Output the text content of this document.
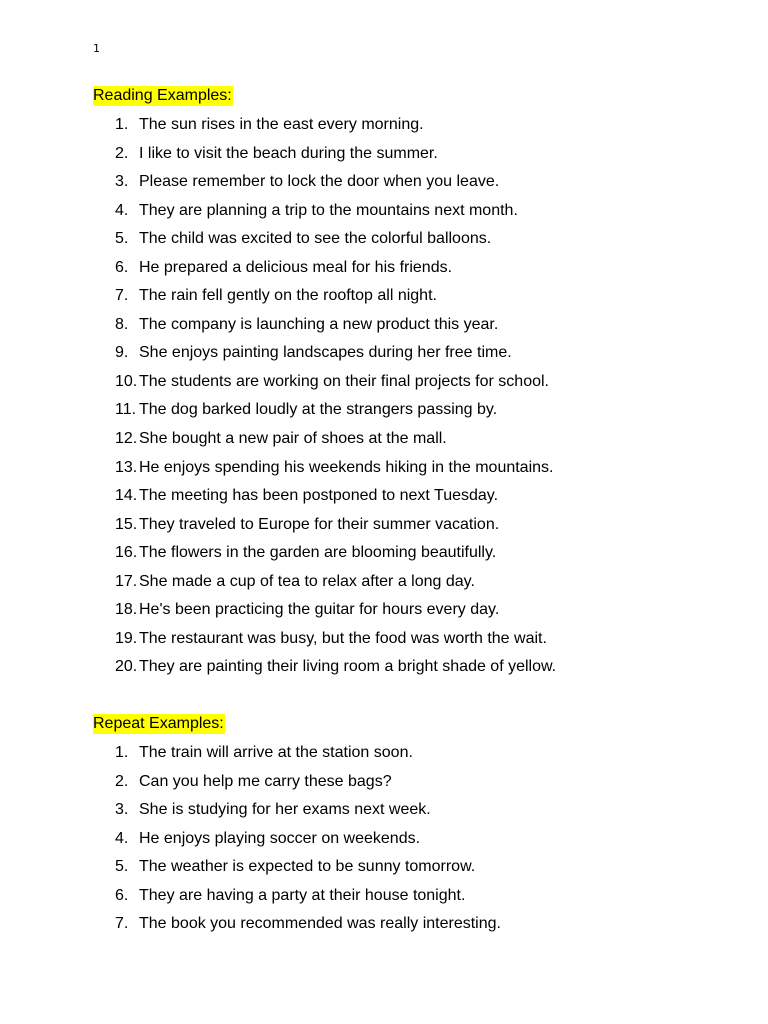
1
Reading Examples:
1. The sun rises in the east every morning.
2. I like to visit the beach during the summer.
3. Please remember to lock the door when you leave.
4. They are planning a trip to the mountains next month.
5. The child was excited to see the colorful balloons.
6. He prepared a delicious meal for his friends.
7. The rain fell gently on the rooftop all night.
8. The company is launching a new product this year.
9. She enjoys painting landscapes during her free time.
10. The students are working on their final projects for school.
11. The dog barked loudly at the strangers passing by.
12. She bought a new pair of shoes at the mall.
13. He enjoys spending his weekends hiking in the mountains.
14. The meeting has been postponed to next Tuesday.
15. They traveled to Europe for their summer vacation.
16. The flowers in the garden are blooming beautifully.
17. She made a cup of tea to relax after a long day.
18. He's been practicing the guitar for hours every day.
19. The restaurant was busy, but the food was worth the wait.
20. They are painting their living room a bright shade of yellow.
Repeat Examples:
1. The train will arrive at the station soon.
2. Can you help me carry these bags?
3. She is studying for her exams next week.
4. He enjoys playing soccer on weekends.
5. The weather is expected to be sunny tomorrow.
6. They are having a party at their house tonight.
7. The book you recommended was really interesting.
